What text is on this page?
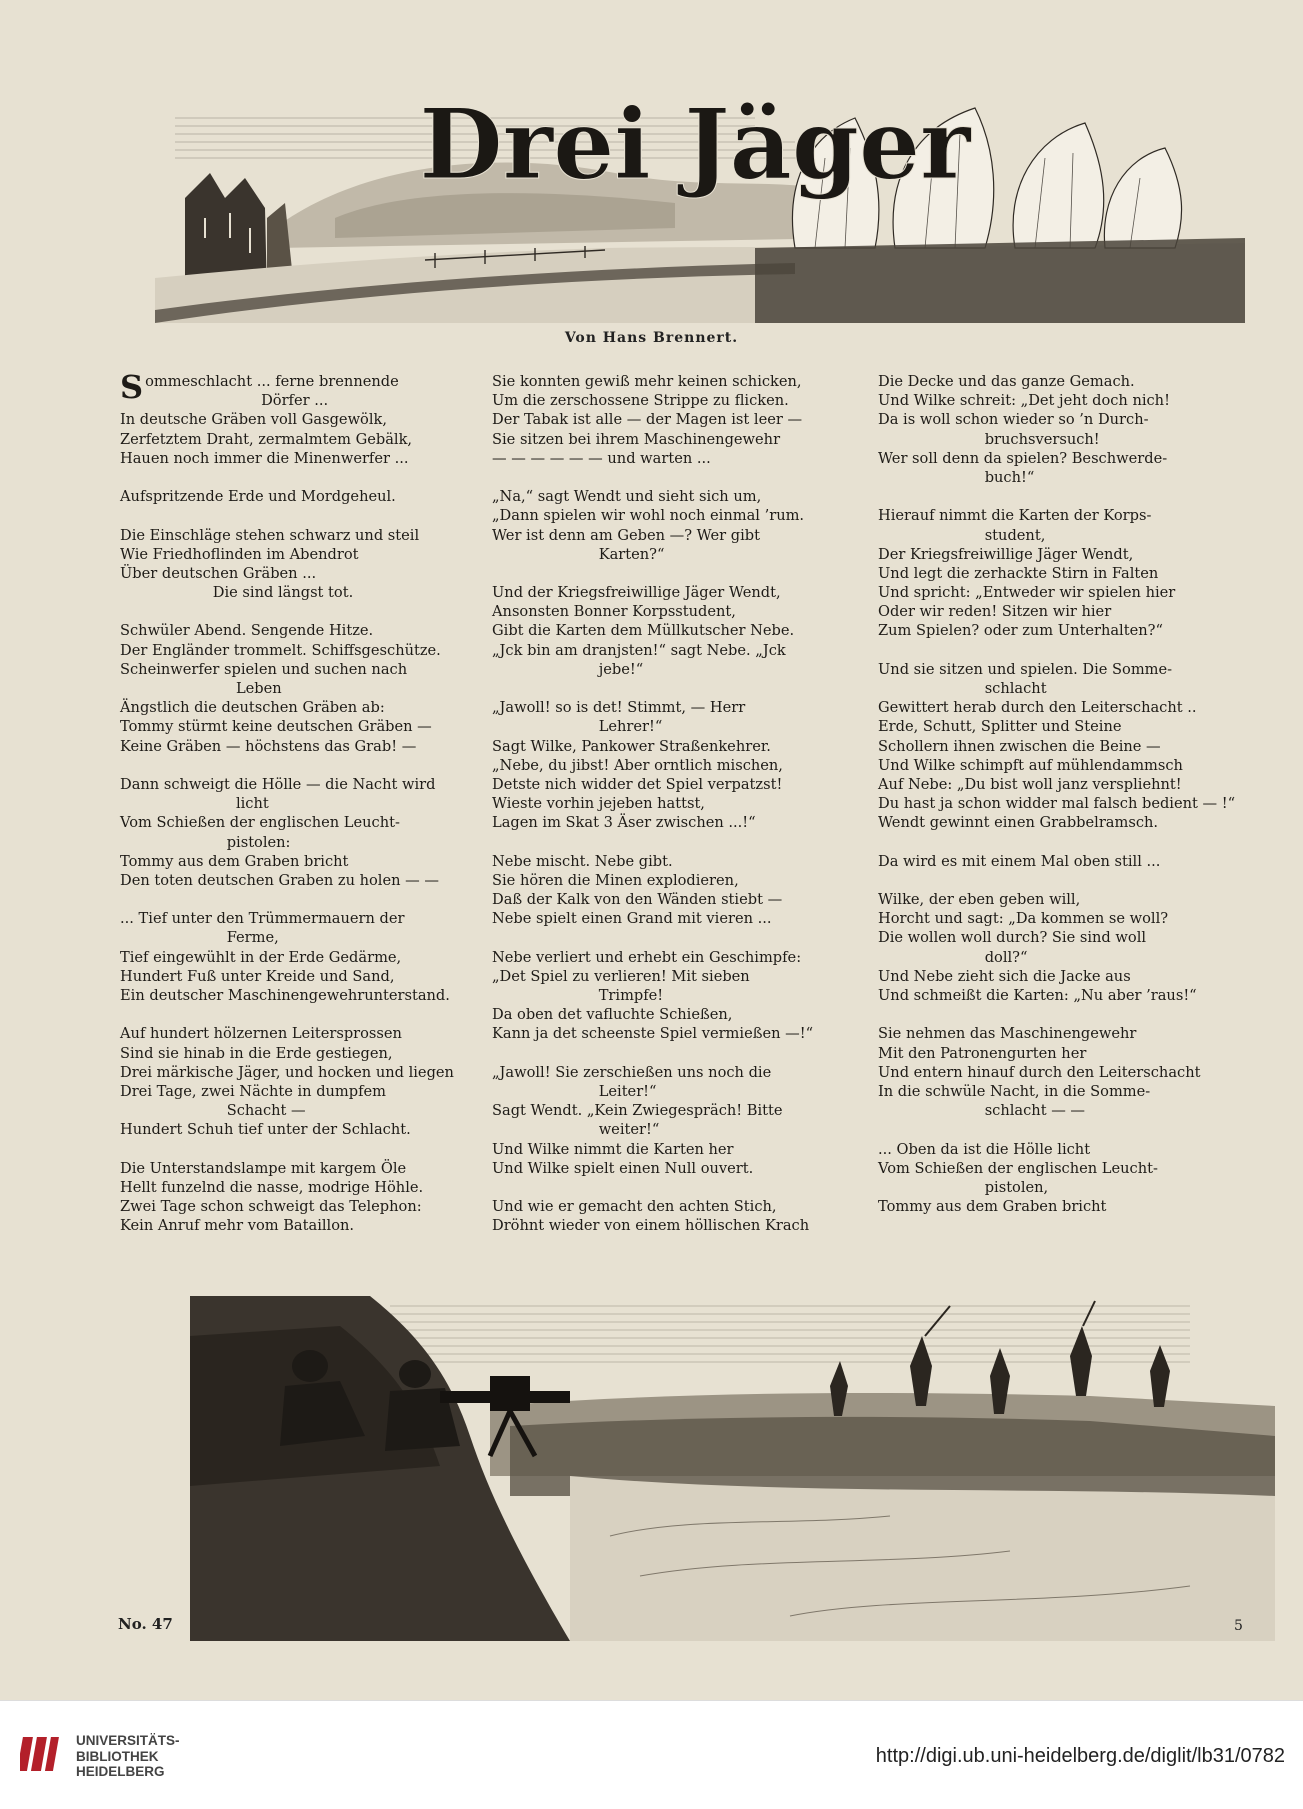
Drei Jäger
Von Hans Brennert.
S ommeschlacht ... ferne brennende
Dörfer ...
In deutsche Gräben voll Gasgewölk,
Zerfetztem Draht, zermalmtem Gebälk,
Hauen noch immer die Minenwerfer ...
Aufspritzende Erde und Mordgeheul.
Die Einschläge stehen schwarz und steil
Wie Friedhoflinden im Abendrot
Über deutschen Gräben ...
Die sind längst tot.
Schwüler Abend. Sengende Hitze.
Der Engländer trommelt. Schiffsgeschütze.
Scheinwerfer spielen und suchen nach
Leben
Ängstlich die deutschen Gräben ab:
Tommy stürmt keine deutschen Gräben —
Keine Gräben — höchstens das Grab! —
Dann schweigt die Hölle — die Nacht wird
licht
Vom Schießen der englischen Leucht-
pistolen:
Tommy aus dem Graben bricht
Den toten deutschen Graben zu holen — —
... Tief unter den Trümmermauern der
Ferme,
Tief eingewühlt in der Erde Gedärme,
Hundert Fuß unter Kreide und Sand,
Ein deutscher Maschinengewehrunterstand.
Auf hundert hölzernen Leitersprossen
Sind sie hinab in die Erde gestiegen,
Drei märkische Jäger, und hocken und liegen
Drei Tage, zwei Nächte in dumpfem
Schacht —
Hundert Schuh tief unter der Schlacht.
Die Unterstandslampe mit kargem Öle
Hellt funzelnd die nasse, modrige Höhle.
Zwei Tage schon schweigt das Telephon:
Kein Anruf mehr vom Bataillon.
Sie konnten gewiß mehr keinen schicken,
Um die zerschossene Strippe zu flicken.
Der Tabak ist alle — der Magen ist leer —
Sie sitzen bei ihrem Maschinengewehr
— — — — — — und warten ...
„Na,“ sagt Wendt und sieht sich um,
„Dann spielen wir wohl noch einmal ’rum.
Wer ist denn am Geben —? Wer gibt
Karten?“
Und der Kriegsfreiwillige Jäger Wendt,
Ansonsten Bonner Korpsstudent,
Gibt die Karten dem Müllkutscher Nebe.
„Jck bin am dranjsten!“ sagt Nebe. „Jck
jebe!“
„Jawoll! so is det! Stimmt, — Herr
Lehrer!“
Sagt Wilke, Pankower Straßenkehrer.
„Nebe, du jibst! Aber orntlich mischen,
Detste nich widder det Spiel verpatzst!
Wieste vorhin jejeben hattst,
Lagen im Skat 3 Äser zwischen ...!“
Nebe mischt. Nebe gibt.
Sie hören die Minen explodieren,
Daß der Kalk von den Wänden stiebt —
Nebe spielt einen Grand mit vieren ...
Nebe verliert und erhebt ein Geschimpfe:
„Det Spiel zu verlieren! Mit sieben
Trimpfe!
Da oben det vafluchte Schießen,
Kann ja det scheenste Spiel vermießen —!“
„Jawoll! Sie zerschießen uns noch die
Leiter!“
Sagt Wendt. „Kein Zwiegespräch! Bitte
weiter!“
Und Wilke nimmt die Karten her
Und Wilke spielt einen Null ouvert.
Und wie er gemacht den achten Stich,
Dröhnt wieder von einem höllischen Krach
Die Decke und das ganze Gemach.
Und Wilke schreit: „Det jeht doch nich!
Da is woll schon wieder so ’n Durch-
bruchsversuch!
Wer soll denn da spielen? Beschwerde-
buch!“
Hierauf nimmt die Karten der Korps-
student,
Der Kriegsfreiwillige Jäger Wendt,
Und legt die zerhackte Stirn in Falten
Und spricht: „Entweder wir spielen hier
Oder wir reden! Sitzen wir hier
Zum Spielen? oder zum Unterhalten?“
Und sie sitzen und spielen. Die Somme-
schlacht
Gewittert herab durch den Leiterschacht ..
Erde, Schutt, Splitter und Steine
Schollern ihnen zwischen die Beine —
Und Wilke schimpft auf mühlendammsch
Auf Nebe: „Du bist woll janz verspliehnt!
Du hast ja schon widder mal falsch bedient — !“
Wendt gewinnt einen Grabbelramsch.
Da wird es mit einem Mal oben still ...
Wilke, der eben geben will,
Horcht und sagt: „Da kommen se woll?
Die wollen woll durch? Sie sind woll
doll?“
Und Nebe zieht sich die Jacke aus
Und schmeißt die Karten: „Nu aber ’raus!“
Sie nehmen das Maschinengewehr
Mit den Patronengurten her
Und entern hinauf durch den Leiterschacht
In die schwüle Nacht, in die Somme-
schlacht — —
... Oben da ist die Hölle licht
Vom Schießen der englischen Leucht-
pistolen,
Tommy aus dem Graben bricht
No. 47	5
UNIVERSITÄTS-
BIBLIOTHEK
HEIDELBERG
http://digi.ub.uni-heidelberg.de/diglit/lb31/0782
